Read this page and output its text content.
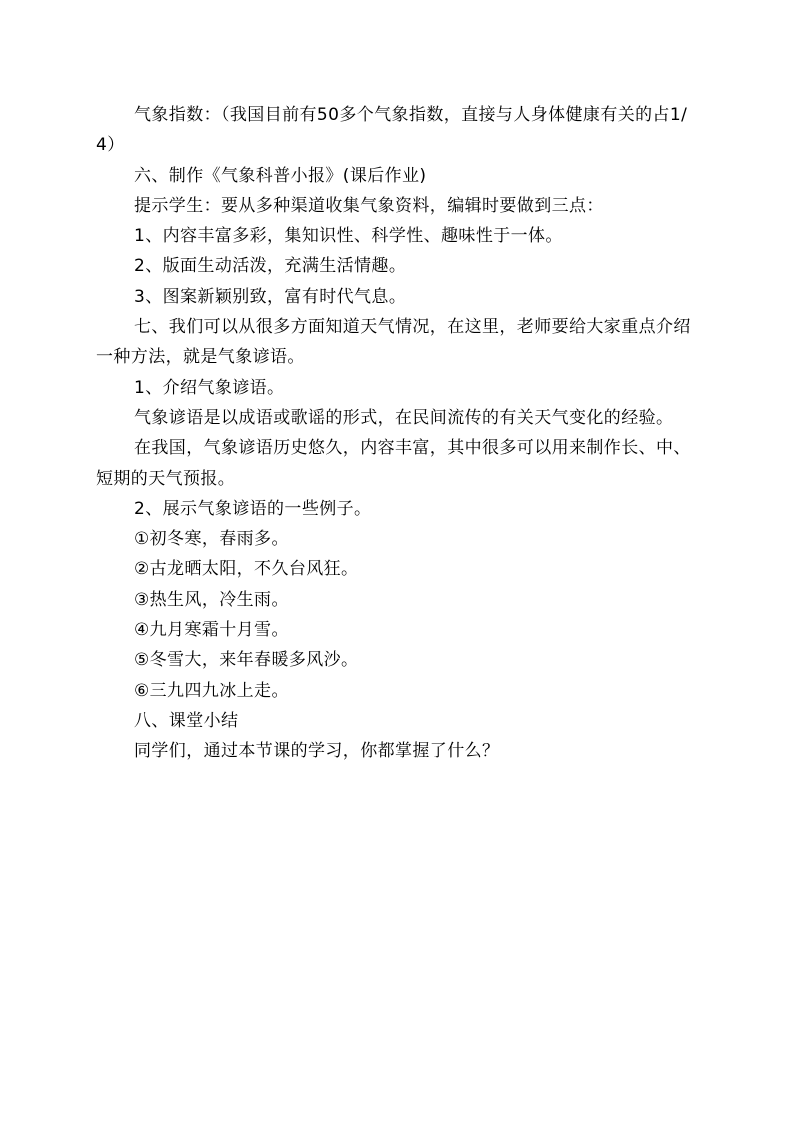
气象指数：（我国目前有50多个气象指数，直接与人身体健康有关的占1/4）

六、制作《气象科普小报》(课后作业)

提示学生：要从多种渠道收集气象资料，编辑时要做到三点：

1、内容丰富多彩，集知识性、科学性、趣味性于一体。

2、版面生动活泼，充满生活情趣。

3、图案新颖别致，富有时代气息。

七、我们可以从很多方面知道天气情况，在这里，老师要给大家重点介绍一种方法，就是气象谚语。

1、介绍气象谚语。

气象谚语是以成语或歌谣的形式，在民间流传的有关天气变化的经验。

在我国，气象谚语历史悠久，内容丰富，其中很多可以用来制作长、中、短期的天气预报。

2、展示气象谚语的一些例子。

①初冬寒，春雨多。

②古龙晒太阳，不久台风狂。

③热生风，冷生雨。

④九月寒霜十月雪。

⑤冬雪大，来年春暖多风沙。

⑥三九四九冰上走。

八、课堂小结

同学们，通过本节课的学习，你都掌握了什么？
